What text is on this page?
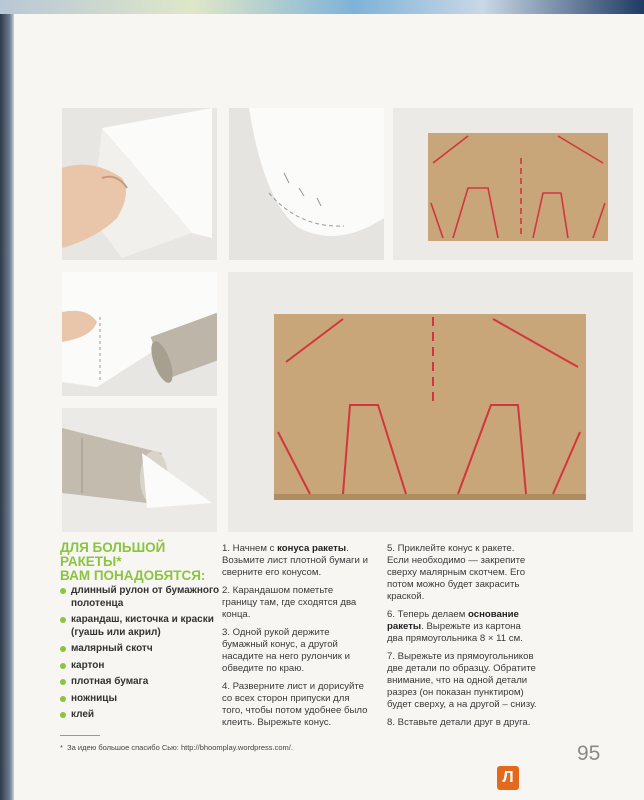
ДЛЯ БОЛЬШОЙ РАКЕТЫ*
ВАМ ПОНАДОБЯТСЯ:
длинный рулон от бумажного полотенца
карандаш, кисточка и краски (гуашь или акрил)
малярный скотч
картон
плотная бумага
ножницы
клей

1. Начнем с конуса ракеты. Возьмите лист плотной бумаги и сверните его конусом.

2. Карандашом пометьте границу там, где сходятся два конца.

3. Одной рукой держите бумажный конус, а другой насадите на него рулончик и обведите по краю.

4. Разверните лист и дорисуйте со всех сторон припуски для того, чтобы потом удобнее было клеить. Вырежьте конус.

5. Приклейте конус к ракете. Если необходимо — закрепите сверху малярным скотчем. Его потом можно будет закрасить краской.

6. Теперь делаем основание ракеты. Вырежьте из картона два прямоугольника 8 × 11 см.

7. Вырежьте из прямоугольников две детали по образцу. Обратите внимание, что на одной детали разрез (он показан пунктиром) будет сверху, а на другой – снизу.

8. Вставьте детали друг в друга.

* За идею большое спасибо Сью: http://bhoomplay.wordpress.com/.	95
Л
